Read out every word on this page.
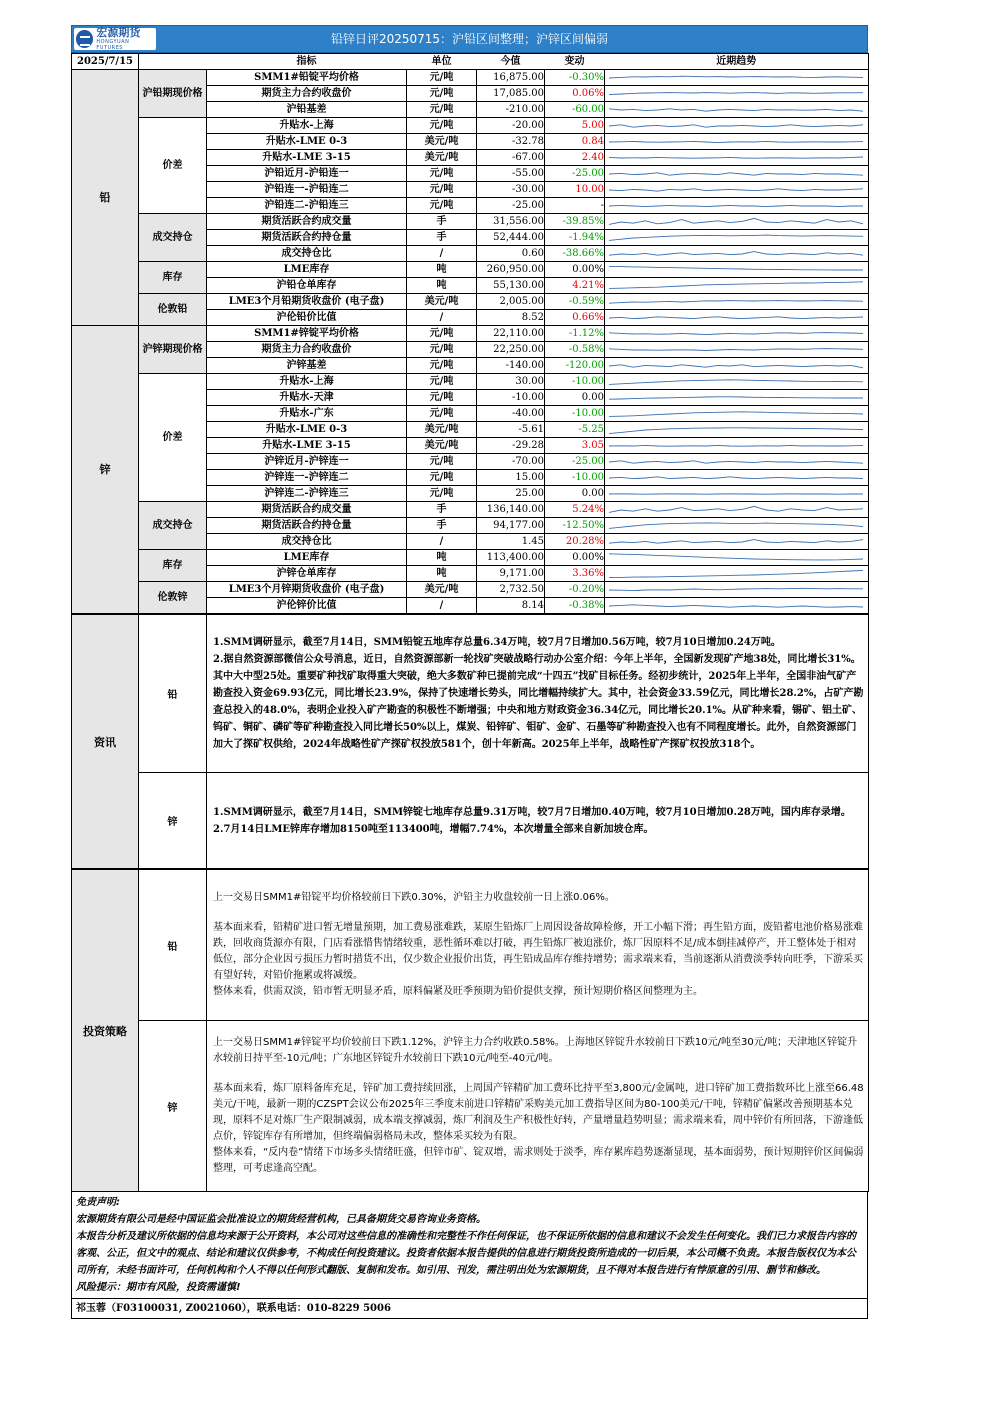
宏源期货
HONGYUAN FUTURES
铅锌日评20250715：沪铅区间整理；沪锌区间偏弱
2025/7/15		指标	单位	今值	变动	近期趋势
铅	沪铅期现价格	SMM1#铅锭平均价格	元/吨	16,875.00	-0.30%	

		期货主力合约收盘价	元/吨	17,085.00	0.06%	

		沪铅基差	元/吨	-210.00	-60.00	

	价差	升贴水-上海	元/吨	-20.00	5.00	

		升贴水-LME 0-3	美元/吨	-32.78	0.84	

		升贴水-LME 3-15	美元/吨	-67.00	2.40	

		沪铅近月-沪铅连一	元/吨	-55.00	-25.00	

		沪铅连一-沪铅连二	元/吨	-30.00	10.00	

		沪铅连二-沪铅连三	元/吨	-25.00	-	

	成交持仓	期货活跃合约成交量	手	31,556.00	-39.85%	

		期货活跃合约持仓量	手	52,444.00	-1.94%	

		成交持仓比	/	0.60	-38.66%	

	库存	LME库存	吨	260,950.00	0.00%	

		沪铅仓单库存	吨	55,130.00	4.21%	

	伦敦铅	LME3个月铅期货收盘价 (电子盘)	美元/吨	2,005.00	-0.59%	

		沪伦铅价比值	/	8.52	0.66%	

锌	沪锌期现价格	SMM1#锌锭平均价格	元/吨	22,110.00	-1.12%	

		期货主力合约收盘价	元/吨	22,250.00	-0.58%	

		沪锌基差	元/吨	-140.00	-120.00	

	价差	升贴水-上海	元/吨	30.00	-10.00	

		升贴水-天津	元/吨	-10.00	0.00	

		升贴水-广东	元/吨	-40.00	-10.00	

		升贴水-LME 0-3	美元/吨	-5.61	-5.25	

		升贴水-LME 3-15	美元/吨	-29.28	3.05	

		沪锌近月-沪锌连一	元/吨	-70.00	-25.00	

		沪锌连一-沪锌连二	元/吨	15.00	-10.00	

		沪锌连二-沪锌连三	元/吨	25.00	0.00	

	成交持仓	期货活跃合约成交量	手	136,140.00	5.24%	

		期货活跃合约持仓量	手	94,177.00	-12.50%	

		成交持仓比	/	1.45	20.28%	

	库存	LME库存	吨	113,400.00	0.00%	

		沪锌仓单库存	吨	9,171.00	3.36%	

	伦敦锌	LME3个月锌期货收盘价 (电子盘)	美元/吨	2,732.50	-0.20%	

		沪伦锌价比值	/	8.14	-0.38%	
资讯	铅	1.SMM调研显示，截至7月14日，SMM铅锭五地库存总量6.34万吨，较7月7日增加0.56万吨，较7月10日增加0.24万吨。

2.据自然资源部微信公众号消息，近日，自然资源部新一轮找矿突破战略行动办公室介绍：今年上半年，全国新发现矿产地38处，同比增长31%。其中大中型25处。重要矿种找矿取得重大突破，绝大多数矿种已提前完成“十四五”找矿目标任务。经初步统计，2025年上半年，全国非油气矿产勘查投入资金69.93亿元，同比增长23.9%，保持了快速增长势头，同比增幅持续扩大。其中，社会资金33.59亿元，同比增长28.2%，占矿产勘查总投入的48.0%，表明企业投入矿产勘查的积极性不断增强；中央和地方财政资金36.34亿元，同比增长20.1%。从矿种来看，锡矿、铝土矿、钨矿、铜矿、磷矿等矿种勘查投入同比增长50%以上，煤炭、铅锌矿、钼矿、金矿、石墨等矿种勘查投入也有不同程度增长。此外，自然资源部门加大了探矿权供给，2024年战略性矿产探矿权投放581个，创十年新高。2025年上半年，战略性矿产探矿权投放318个。

	锌	1.SMM调研显示，截至7月14日，SMM锌锭七地库存总量9.31万吨，较7月7日增加0.40万吨，较7月10日增加0.28万吨，国内库存录增。

2.7月14日LME锌库存增加8150吨至113400吨，增幅7.74%，本次增量全部来自新加坡仓库。

投资策略	铅	上一交易日SMM1#铅锭平均价格较前日下跌0.30%，沪铅主力收盘较前一日上涨0.06%。

基本面来看，铅精矿进口暂无增量预期，加工费易涨难跌，某原生铅炼厂上周因设备故障检修，开工小幅下滑；再生铅方面，废铅蓄电池价格易涨难跌，回收商货源亦有限，门店看涨惜售情绪较重，恶性循环难以打破，再生铅炼厂被迫涨价，炼厂因原料不足/成本倒挂减停产，开工整体处于相对低位，部分企业因亏损压力暂时措货不出，仅少数企业报价出货，再生铅成品库存维持增势；需求端来看，当前逐渐从消费淡季转向旺季，下游采买有望好转，对铅价拖累或将减缓。

整体来看，供需双淡，铅市暂无明显矛盾，原料偏紧及旺季预期为铅价提供支撑，预计短期价格区间整理为主。

	锌	上一交易日SMM1#锌锭平均价较前日下跌1.12%，沪锌主力合约收跌0.58%。上海地区锌锭升水较前日下跌10元/吨至30元/吨；天津地区锌锭升水较前日持平至-10元/吨；广东地区锌锭升水较前日下跌10元/吨至-40元/吨。

基本面来看，炼厂原料备库充足，锌矿加工费持续回涨，上周国产锌精矿加工费环比持平至3,800元/金属吨，进口锌矿加工费指数环比上涨至66.48美元/干吨，最新一期的CZSPT会议公布2025年三季度末前进口锌精矿采购美元加工费指导区间为80-100美元/干吨，锌精矿偏紧改善预期基本兑现，原料不足对炼厂生产限制减弱，成本端支撑减弱，炼厂利润及生产积极性好转，产量增量趋势明显；需求端来看，周中锌价有所回落，下游逢低点价，锌锭库存有所增加，但终端偏弱格局未改，整体采买较为有限。

整体来看，“反内卷”情绪下市场多头情绪旺盛，但锌市矿、锭双增，需求则处于淡季，库存累库趋势逐渐显现，基本面弱势，预计短期锌价区间偏弱整理，可考虑逢高空配。

免责声明:

宏源期货有限公司是经中国证监会批准设立的期货经营机构，已具备期货交易咨询业务资格。

本报告分析及建议所依据的信息均来源于公开资料，本公司对这些信息的准确性和完整性不作任何保证，也不保证所依据的信息和建议不会发生任何变化。我们已力求报告内容的客观、公正，但文中的观点、结论和建议仅供参考，不构成任何投资建议。投资者依据本报告提供的信息进行期货投资所造成的一切后果，本公司概不负责。本报告版权仅为本公司所有，未经书面许可，任何机构和个人不得以任何形式翻版、复制和发布。如引用、刊发，需注明出处为宏源期货，且不得对本报告进行有悖原意的引用、删节和修改。

风险提示：期市有风险，投资需谨慎!

祁玉蓉（F03100031, Z0021060），联系电话：010-8229 5006
